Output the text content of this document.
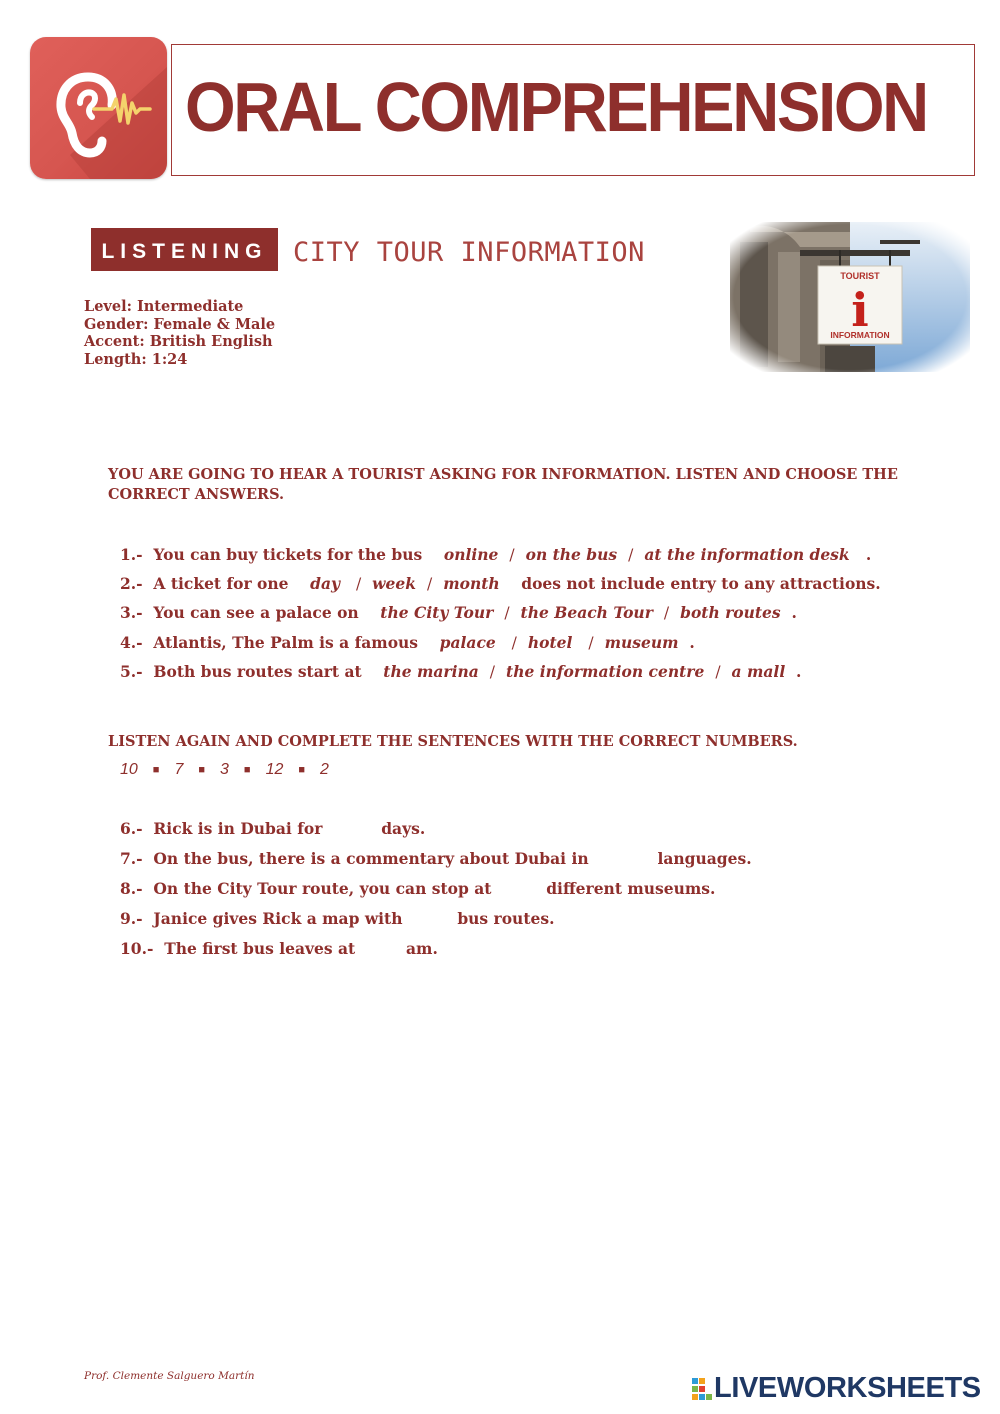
ORAL COMPREHENSION
LISTENING CITY TOUR INFORMATION
Level: Intermediate
Gender: Female & Male
Accent: British English
Length: 1:24
YOU ARE GOING TO HEAR A TOURIST ASKING FOR INFORMATION. LISTEN AND CHOOSE THE CORRECT ANSWERS.
1.- You can buy tickets for the bus online / on the bus / at the information desk .
2.- A ticket for one day / week / month does not include entry to any attractions.
3.- You can see a palace on the City Tour / the Beach Tour / both routes .
4.- Atlantis, The Palm is a famous palace / hotel / museum .
5.- Both bus routes start at the marina / the information centre / a mall .
LISTEN AGAIN AND COMPLETE THE SENTENCES WITH THE CORRECT NUMBERS.
10 ■ 7 ■ 3 ■ 12 ■ 2
6.- Rick is in Dubai for	days.
7.- On the bus, there is a commentary about Dubai in	languages.
8.- On the City Tour route, you can stop at	different museums.
9.- Janice gives Rick a map with	bus routes.
10.- The first bus leaves at	am.
Prof. Clemente Salguero Martín	LIVEWORKSHEETS
